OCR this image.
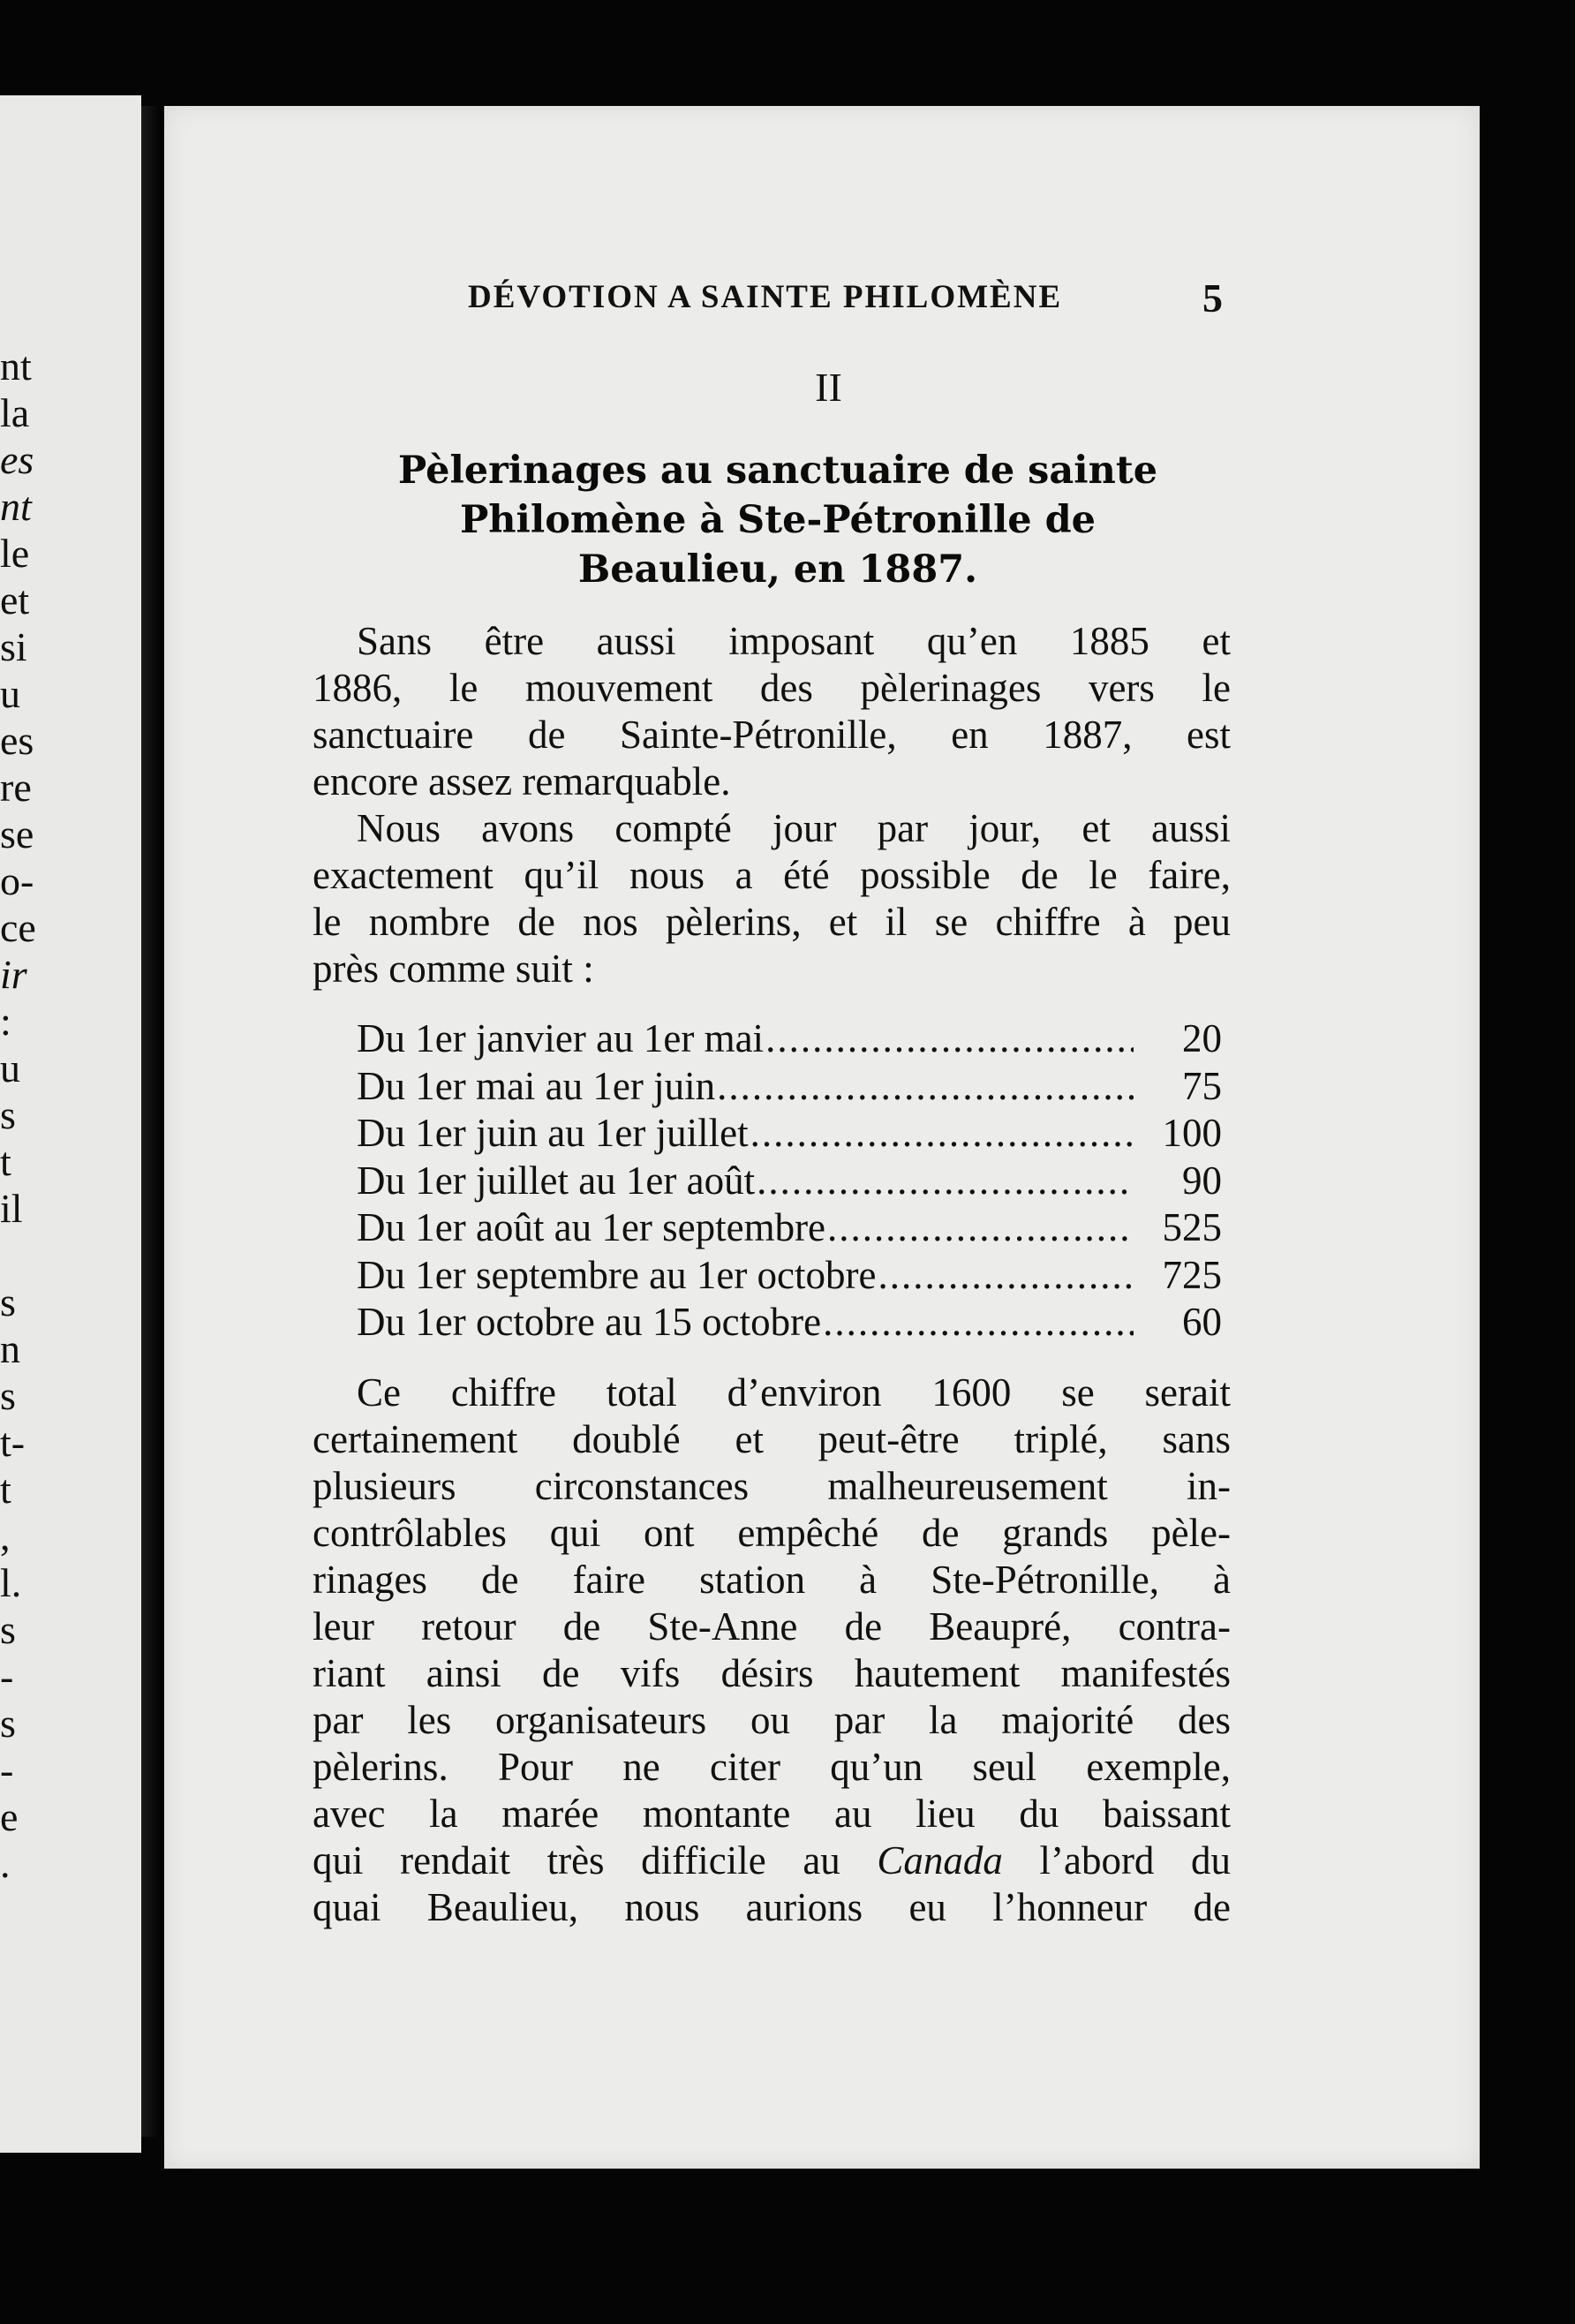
nt
la
es
nt
le
et
si
u
es
re
se
o-
ce
ir
:
u
s
t
il
s
n
s
t-
t
,
l.
s
-
s
-
e
.
DÉVOTION A SAINTE PHILOMÈNE	5
II
Pèlerinages au sanctuaire de sainte
Philomène à Ste-Pétronille de
Beaulieu, en 1887.
Sans être aussi imposant qu’en 1885 et
1886, le mouvement des pèlerinages vers le
sanctuaire de Sainte-Pétronille, en 1887, est
encore assez remarquable.
Nous avons compté jour par jour, et aussi
exactement qu’il nous a été possible de le faire,
le nombre de nos pèlerins, et il se chiffre à peu
près comme suit :
Du 1er janvier au 1er mai .....	20
Du 1er mai au 1er juin .....	75
Du 1er juin au 1er juillet .....	100
Du 1er juillet au 1er août .....	90
Du 1er août au 1er septembre .....	525
Du 1er septembre au 1er octobre .....	725
Du 1er octobre au 15 octobre .....	60
Ce chiffre total d’environ 1600 se serait
certainement doublé et peut-être triplé, sans
plusieurs circonstances malheureusement in-
contrôlables qui ont empêché de grands pèle-
rinages de faire station à Ste-Pétronille, à
leur retour de Ste-Anne de Beaupré, contra-
riant ainsi de vifs désirs hautement manifestés
par les organisateurs ou par la majorité des
pèlerins. Pour ne citer qu’un seul exemple,
avec la marée montante au lieu du baissant
qui rendait très difficile au Canada l’abord du
quai Beaulieu, nous aurions eu l’honneur de
